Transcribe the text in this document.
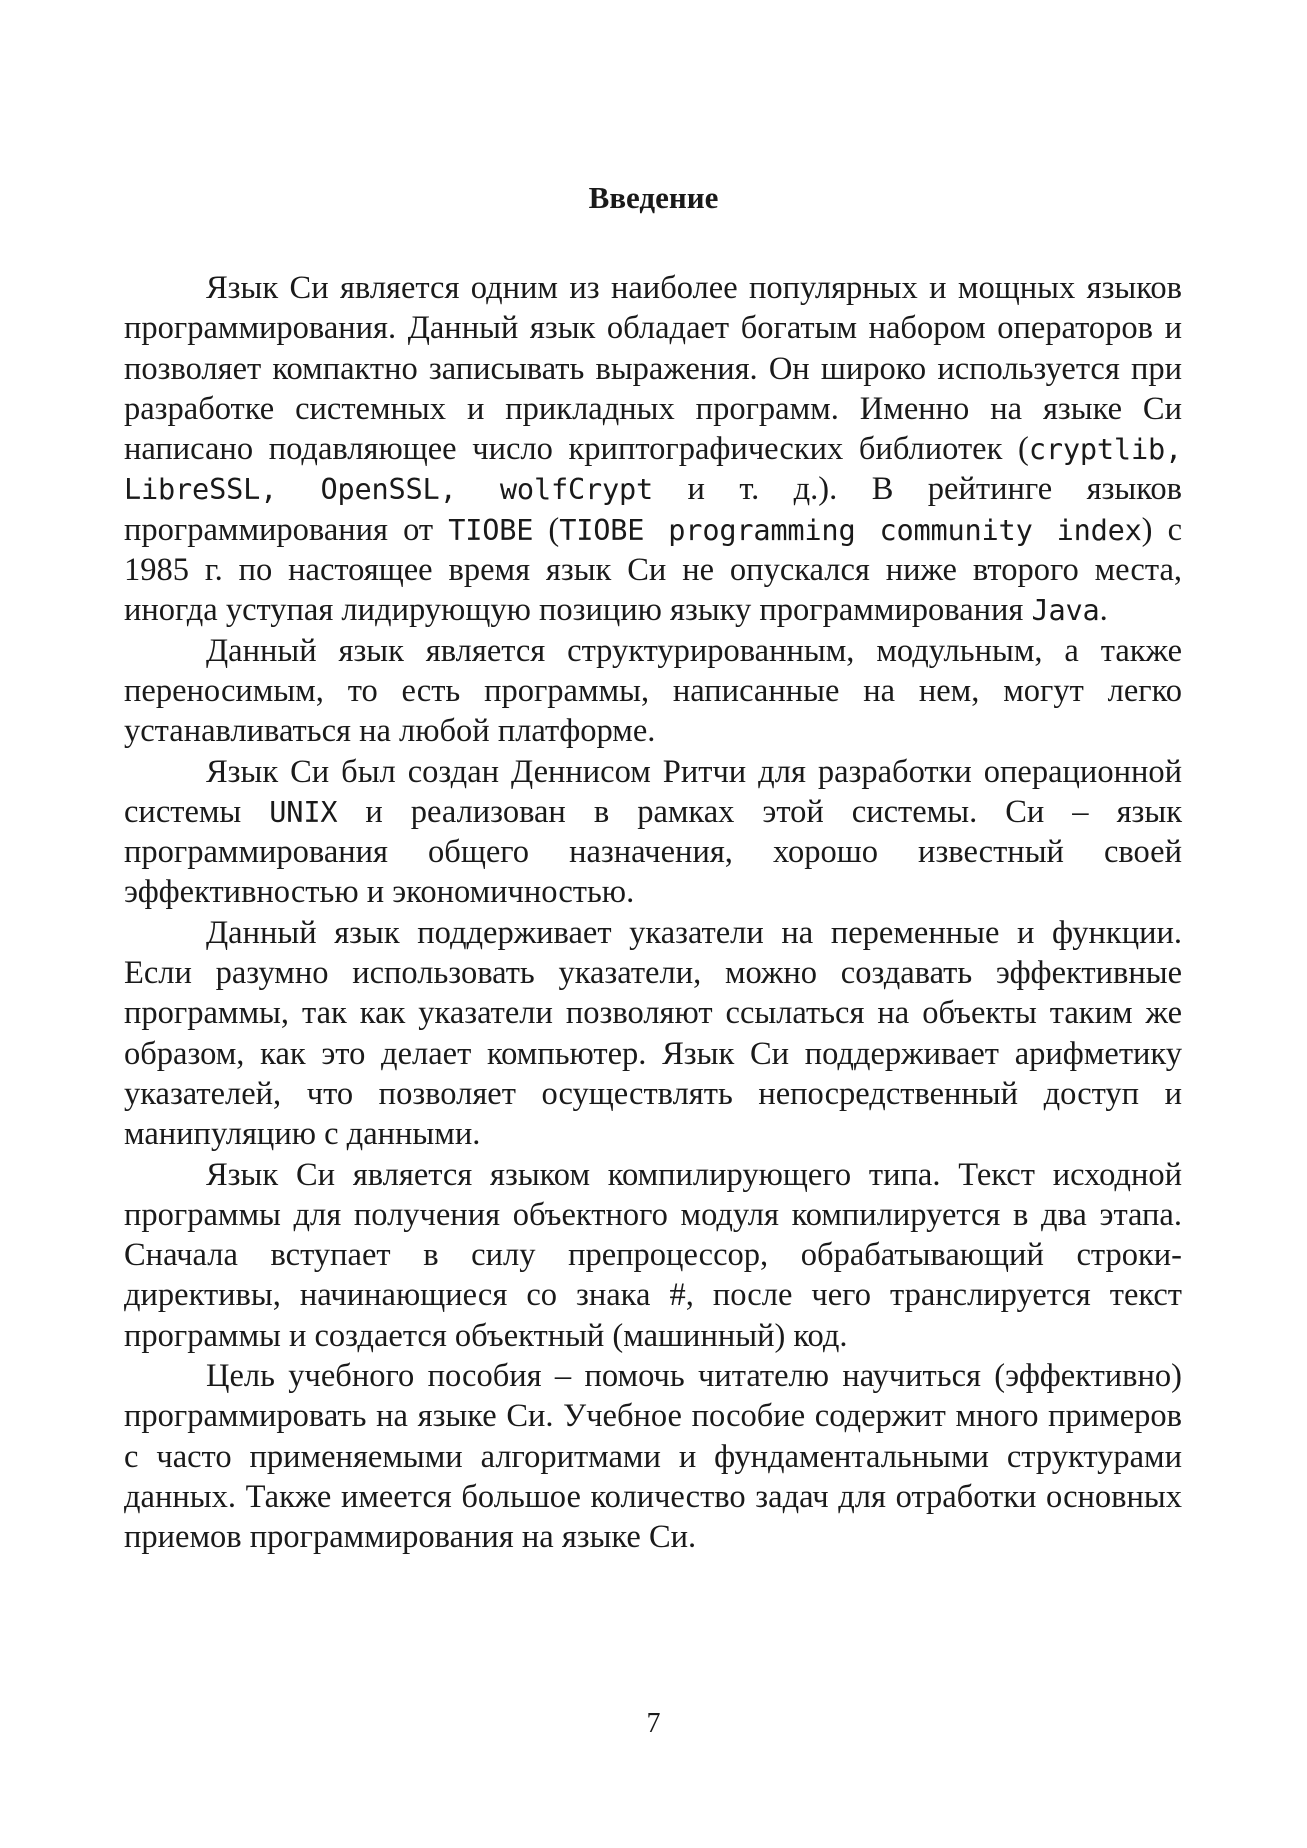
Введение

Язык Си является одним из наиболее популярных и мощных языков программирования. Данный язык обладает богатым набором операторов и позволяет компактно записывать выражения. Он широко используется при разработке системных и прикладных программ. Именно на языке Си написано подавляющее число криптографических библиотек (cryptlib, LibreSSL, OpenSSL, wolfCrypt и т. д.). В рейтинге языков программирования от TIOBE (TIOBE programming community index) с 1985 г. по настоящее время язык Си не опускался ниже второго места, иногда уступая лидирующую позицию языку программирования Java.

Данный язык является структурированным, модульным, а также переносимым, то есть программы, написанные на нем, могут легко устанавливаться на любой платформе.

Язык Си был создан Деннисом Ритчи для разработки операционной системы UNIX и реализован в рамках этой системы. Си – язык программирования общего назначения, хорошо известный своей эффективностью и экономичностью.

Данный язык поддерживает указатели на переменные и функции. Если разумно использовать указатели, можно создавать эффективные программы, так как указатели позволяют ссылаться на объекты таким же образом, как это делает компьютер. Язык Си поддерживает арифметику указателей, что позволяет осуществлять непосредственный доступ и манипуляцию с данными.

Язык Си является языком компилирующего типа. Текст исходной программы для получения объектного модуля компилируется в два этапа. Сначала вступает в силу препроцессор, обрабатывающий строки-директивы, начинающиеся со знака #, после чего транслируется текст программы и создается объектный (машинный) код.

Цель учебного пособия – помочь читателю научиться (эффективно) программировать на языке Си. Учебное пособие содержит много примеров с часто применяемыми алгоритмами и фундаментальными структурами данных. Также имеется большое количество задач для отработки основных приемов программирования на языке Си.

7
